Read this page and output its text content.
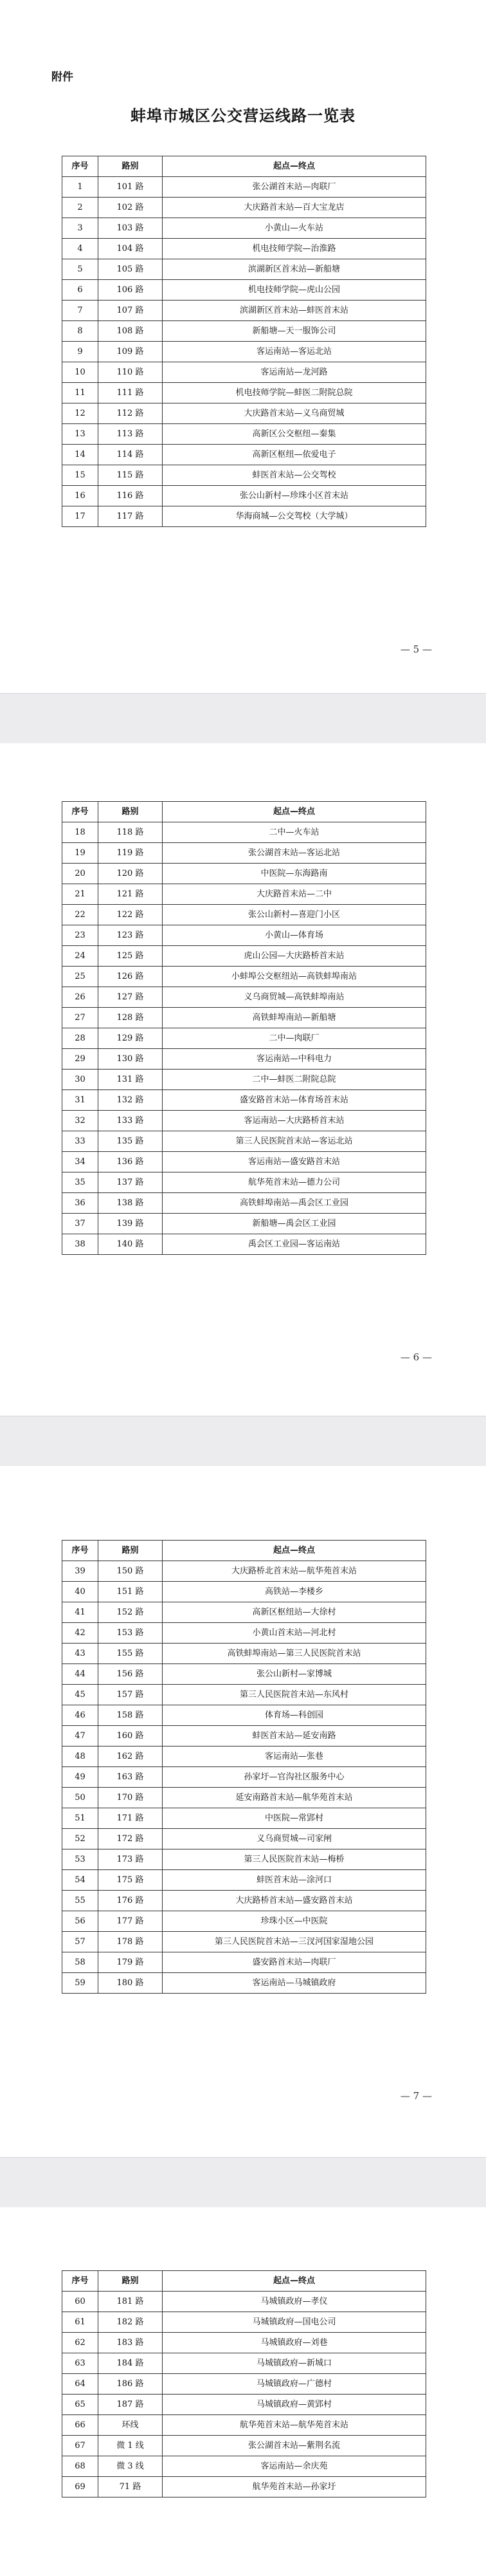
附件
蚌埠市城区公交营运线路一览表
序号	路别	起点—终点
1	101 路	张公湖首末站—肉联厂
2	102 路	大庆路首末站—百大宝龙店
3	103 路	小黄山—火车站
4	104 路	机电技师学院—治淮路
5	105 路	滨湖新区首末站—新船塘
6	106 路	机电技师学院—虎山公园
7	107 路	滨湖新区首末站—蚌医首末站
8	108 路	新船塘—天一服饰公司
9	109 路	客运南站—客运北站
10	110 路	客运南站—龙河路
11	111 路	机电技师学院—蚌医二附院总院
12	112 路	大庆路首末站—义乌商贸城
13	113 路	高新区公交枢纽—秦集
14	114 路	高新区枢纽—依爱电子
15	115 路	蚌医首末站—公交驾校
16	116 路	张公山新村—珍珠小区首末站
17	117 路	华海商城—公交驾校（大学城）
— 5 —
序号	路别	起点—终点
18	118 路	二中—火车站
19	119 路	张公湖首末站—客运北站
20	120 路	中医院—东海路南
21	121 路	大庆路首末站—二中
22	122 路	张公山新村—喜迎门小区
23	123 路	小黄山—体育场
24	125 路	虎山公园—大庆路桥首末站
25	126 路	小蚌埠公交枢纽站—高铁蚌埠南站
26	127 路	义乌商贸城—高铁蚌埠南站
27	128 路	高铁蚌埠南站—新船塘
28	129 路	二中—肉联厂
29	130 路	客运南站—中科电力
30	131 路	二中—蚌医二附院总院
31	132 路	盛安路首末站—体育场首末站
32	133 路	客运南站—大庆路桥首末站
33	135 路	第三人民医院首末站—客运北站
34	136 路	客运南站—盛安路首末站
35	137 路	航华苑首末站—德力公司
36	138 路	高铁蚌埠南站—禹会区工业园
37	139 路	新船塘—禹会区工业园
38	140 路	禹会区工业园—客运南站
— 6 —
序号	路别	起点—终点
39	150 路	大庆路桥北首末站—航华苑首末站
40	151 路	高铁站—李楼乡
41	152 路	高新区枢纽站—大徐村
42	153 路	小黄山首末站—河北村
43	155 路	高铁蚌埠南站—第三人民医院首末站
44	156 路	张公山新村—家博城
45	157 路	第三人民医院首末站—东风村
46	158 路	体育场—科创园
47	160 路	蚌医首末站—延安南路
48	162 路	客运南站—张巷
49	163 路	孙家圩—官沟社区服务中心
50	170 路	延安南路首末站—航华苑首末站
51	171 路	中医院—常郢村
52	172 路	义乌商贸城—司家闸
53	173 路	第三人民医院首末站—梅桥
54	175 路	蚌医首末站—涂河口
55	176 路	大庆路桥首末站—盛安路首末站
56	177 路	珍珠小区—中医院
57	178 路	第三人民医院首末站—三汊河国家湿地公园
58	179 路	盛安路首末站—肉联厂
59	180 路	客运南站—马城镇政府
— 7 —
序号	路别	起点—终点
60	181 路	马城镇政府—孝仪
61	182 路	马城镇政府—国电公司
62	183 路	马城镇政府—刘巷
63	184 路	马城镇政府—新城口
64	186 路	马城镇政府—广德村
65	187 路	马城镇政府—黄郢村
66	环线	航华苑首末站—航华苑首末站
67	微 1 线	张公湖首末站—紫荆名流
68	微 3 线	客运南站—余庆苑
69	71 路	航华苑首末站—孙家圩
